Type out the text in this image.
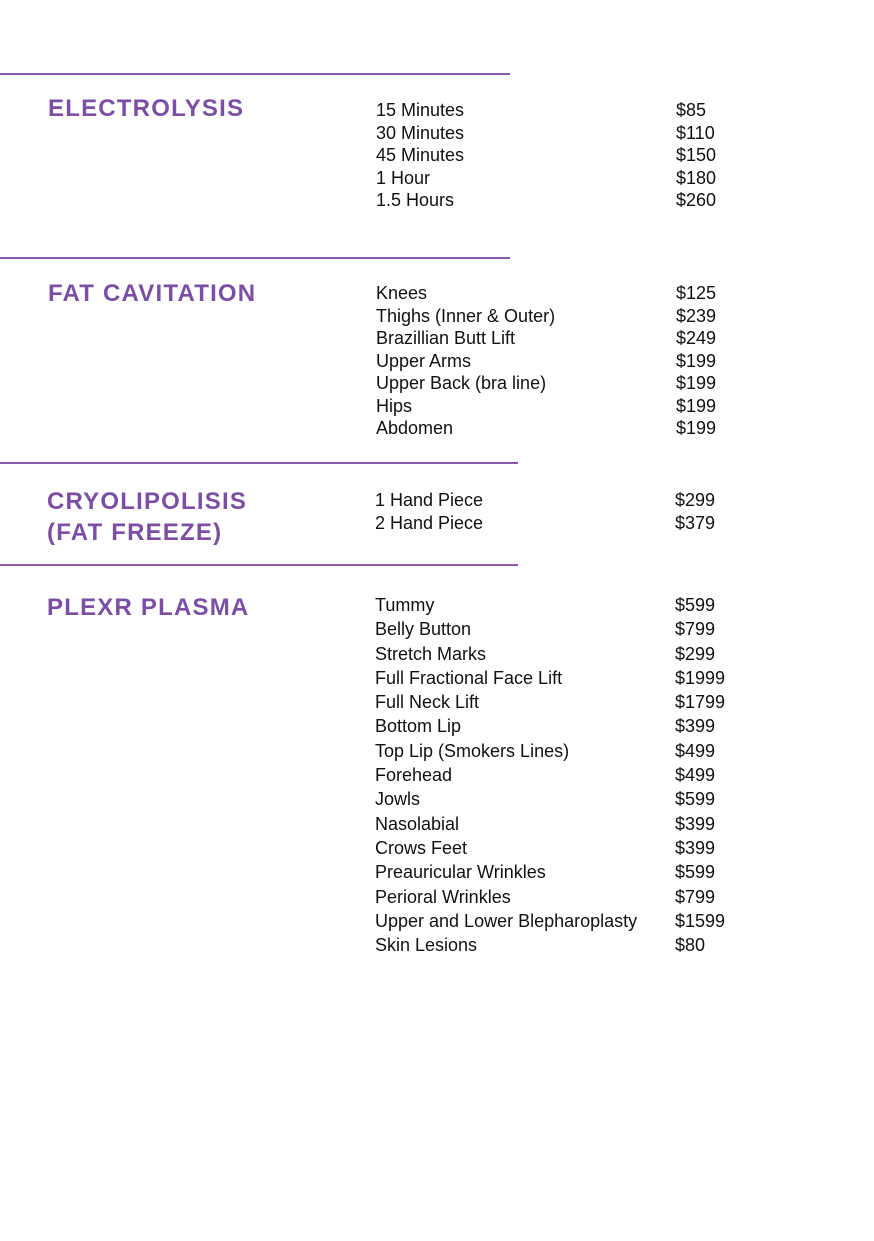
ELECTROLYSIS	15 Minutes	$85
30 Minutes	$110
45 Minutes	$150
1 Hour	$180
1.5 Hours	$260
FAT CAVITATION	Knees	$125
Thighs (Inner & Outer)	$239
Brazillian Butt Lift	$249
Upper Arms	$199
Upper Back (bra line)	$199
Hips	$199
Abdomen	$199
CRYOLIPOLISIS
(FAT FREEZE)
1 Hand Piece	$299
2 Hand Piece	$379
PLEXR PLASMA	Tummy	$599
Belly Button	$799
Stretch Marks	$299
Full Fractional Face Lift	$1999
Full Neck Lift	$1799
Bottom Lip	$399
Top Lip (Smokers Lines)	$499
Forehead	$499
Jowls	$599
Nasolabial	$399
Crows Feet	$399
Preauricular Wrinkles	$599
Perioral Wrinkles	$799
Upper and Lower Blepharoplasty $1599
Skin Lesions	$80
